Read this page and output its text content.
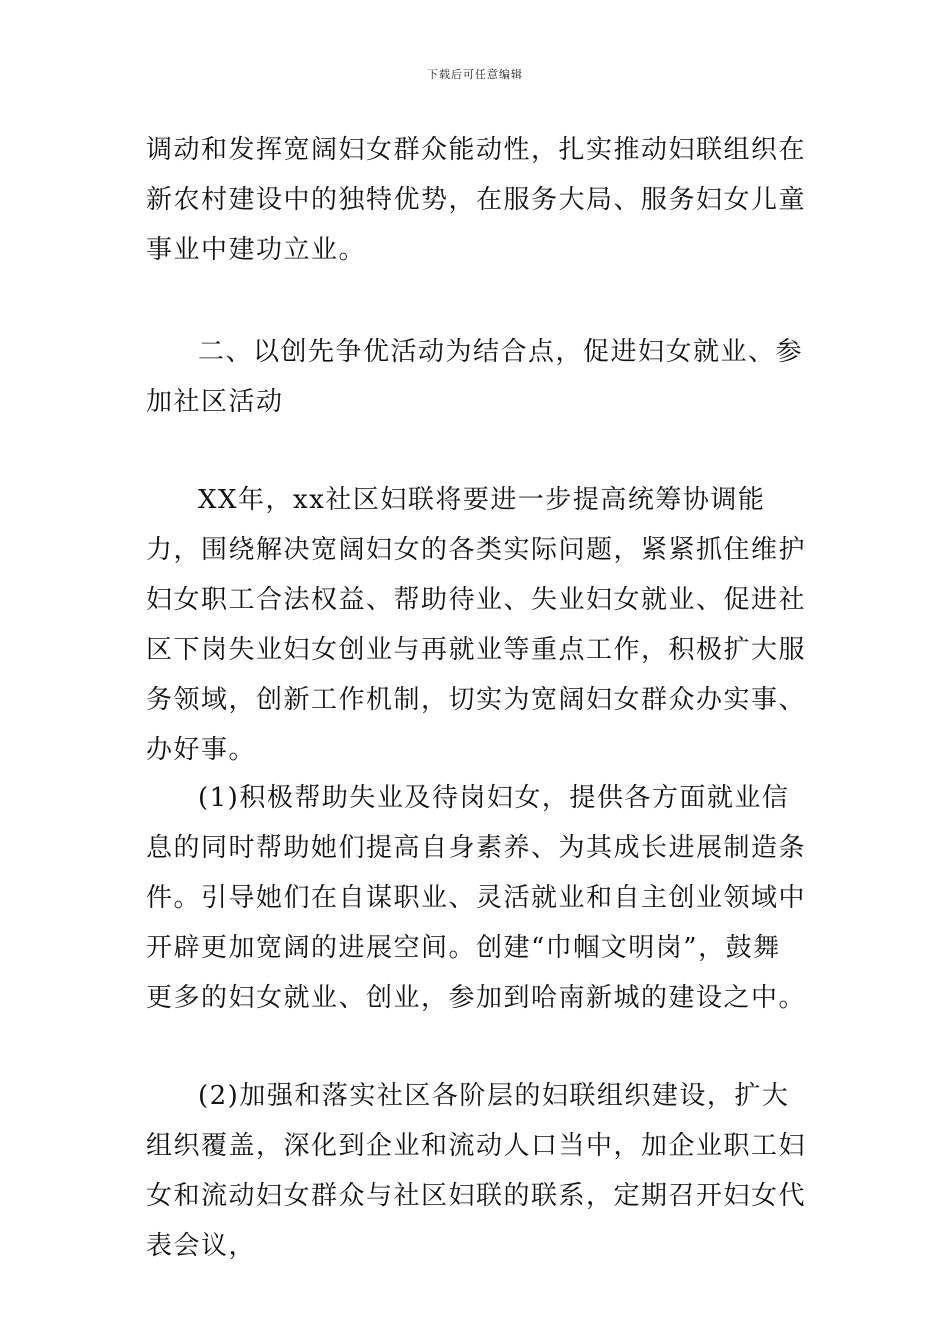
下载后可任意编辑

调动和发挥宽阔妇女群众能动性，扎实推动妇联组织在新农村建设中的独特优势，在服务大局、服务妇女儿童事业中建功立业。

二、以创先争优活动为结合点，促进妇女就业、参加社区活动

XX年，xx社区妇联将要进一步提高统筹协调能力，围绕解决宽阔妇女的各类实际问题，紧紧抓住维护妇女职工合法权益、帮助待业、失业妇女就业、促进社区下岗失业妇女创业与再就业等重点工作，积极扩大服务领域，创新工作机制，切实为宽阔妇女群众办实事、办好事。

(1)积极帮助失业及待岗妇女，提供各方面就业信息的同时帮助她们提高自身素养、为其成长进展制造条件。引导她们在自谋职业、灵活就业和自主创业领域中开辟更加宽阔的进展空间。创建“巾帼文明岗”，鼓舞更多的妇女就业、创业，参加到哈南新城的建设之中。

(2)加强和落实社区各阶层的妇联组织建设，扩大组织覆盖，深化到企业和流动人口当中，加企业职工妇女和流动妇女群众与社区妇联的联系，定期召开妇女代表会议，
